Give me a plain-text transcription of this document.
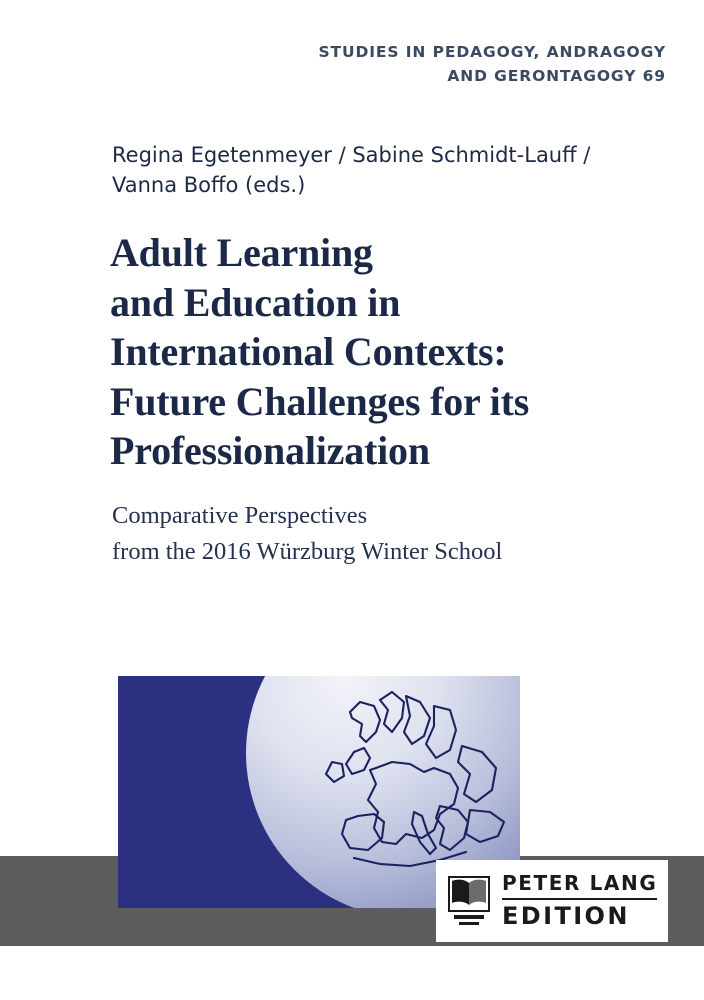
STUDIES IN PEDAGOGY, ANDRAGOGY
AND GERONTAGOGY 69
Regina Egetenmeyer / Sabine Schmidt-Lauff /
Vanna Boffo (eds.)
Adult Learning
and Education in
International Contexts:
Future Challenges for its
Professionalization
Comparative Perspectives
from the 2016 Würzburg Winter School
PETER LANG
EDITION
